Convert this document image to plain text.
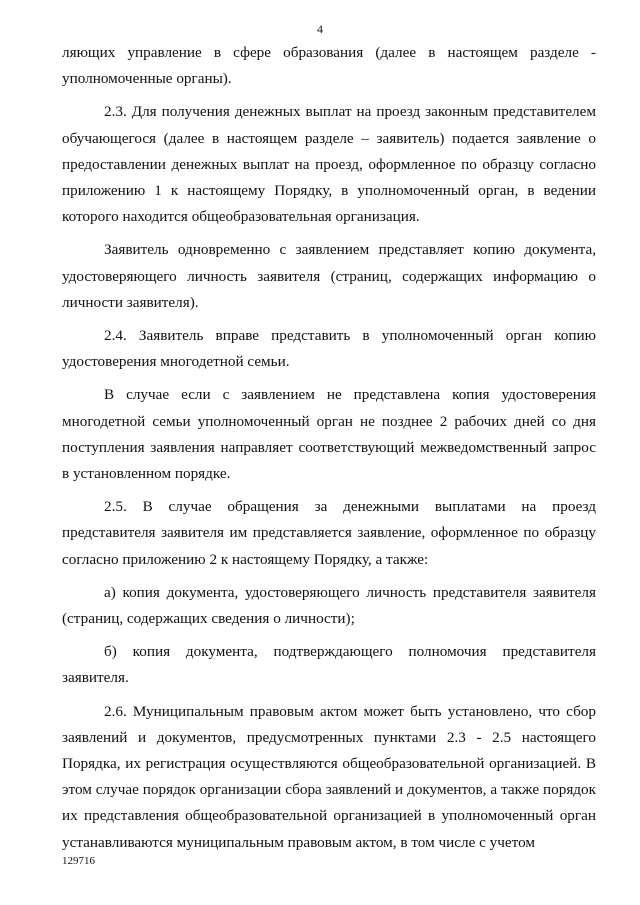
4

ляющих управление в сфере образования (далее в настоящем разделе - уполномоченные органы).

2.3. Для получения денежных выплат на проезд законным представителем обучающегося (далее в настоящем разделе – заявитель) подается заявление о предоставлении денежных выплат на проезд, оформленное по образцу согласно приложению 1 к настоящему Порядку, в уполномоченный орган, в ведении которого находится общеобразовательная организация.

Заявитель одновременно с заявлением представляет копию документа, удостоверяющего личность заявителя (страниц, содержащих информацию о личности заявителя).

2.4. Заявитель вправе представить в уполномоченный орган копию удостоверения многодетной семьи.

В случае если с заявлением не представлена копия удостоверения многодетной семьи уполномоченный орган не позднее 2 рабочих дней со дня поступления заявления направляет соответствующий межведомственный запрос в установленном порядке.

2.5. В случае обращения за денежными выплатами на проезд представителя заявителя им представляется заявление, оформленное по образцу согласно приложению 2 к настоящему Порядку, а также:

а) копия документа, удостоверяющего личность представителя заявителя (страниц, содержащих сведения о личности);

б) копия документа, подтверждающего полномочия представителя заявителя.

2.6. Муниципальным правовым актом может быть установлено, что сбор заявлений и документов, предусмотренных пунктами 2.3 - 2.5 настоящего Порядка, их регистрация осуществляются общеобразовательной организацией. В этом случае порядок организации сбора заявлений и документов, а также порядок их представления общеобразовательной организацией в уполномоченный орган устанавливаются муниципальным правовым актом, в том числе с учетом

129716
